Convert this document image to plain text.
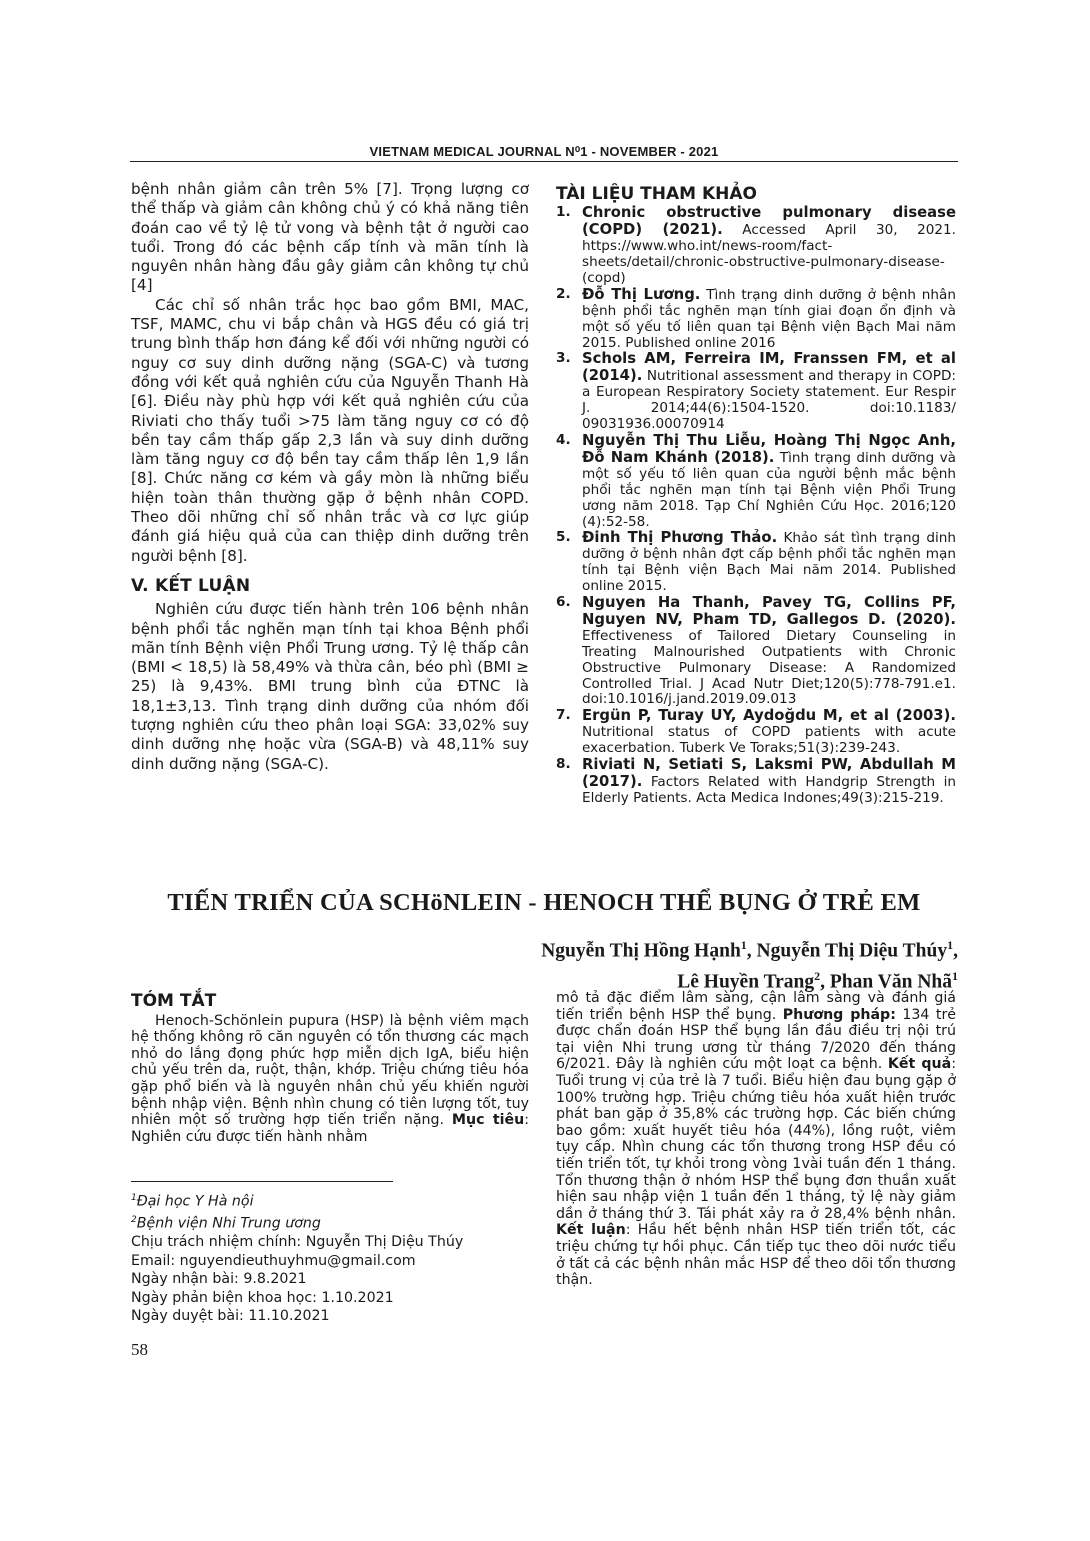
VIETNAM MEDICAL JOURNAL N⁰1 - NOVEMBER - 2021

bệnh nhân giảm cân trên 5% [7]. Trọng lượng cơ thể thấp và giảm cân không chủ ý có khả năng tiên đoán cao về tỷ lệ tử vong và bệnh tật ở người cao tuổi. Trong đó các bệnh cấp tính và mãn tính là nguyên nhân hàng đầu gây giảm cân không tự chủ [4]

Các chỉ số nhân trắc học bao gồm BMI, MAC, TSF, MAMC, chu vi bắp chân và HGS đều có giá trị trung bình thấp hơn đáng kể đối với những người có nguy cơ suy dinh dưỡng nặng (SGA-C) và tương đồng với kết quả nghiên cứu của Nguyễn Thanh Hà [6]. Điều này phù hợp với kết quả nghiên cứu của Riviati cho thấy tuổi >75 làm tăng nguy cơ có độ bền tay cầm thấp gấp 2,3 lần và suy dinh dưỡng làm tăng nguy cơ độ bền tay cầm thấp lên 1,9 lần [8]. Chức năng cơ kém và gầy mòn là những biểu hiện toàn thân thường gặp ở bệnh nhân COPD. Theo dõi những chỉ số nhân trắc và cơ lực giúp đánh giá hiệu quả của can thiệp dinh dưỡng trên người bệnh [8].

V. KẾT LUẬN

Nghiên cứu được tiến hành trên 106 bệnh nhân bệnh phổi tắc nghẽn mạn tính tại khoa Bệnh phổi mãn tính Bệnh viện Phổi Trung ương. Tỷ lệ thấp cân (BMI < 18,5) là 58,49% và thừa cân, béo phì (BMI ≥ 25) là 9,43%. BMI trung bình của ĐTNC là 18,1±3,13. Tình trạng dinh dưỡng của nhóm đối tượng nghiên cứu theo phân loại SGA: 33,02% suy dinh dưỡng nhẹ hoặc vừa (SGA-B) và 48,11% suy dinh dưỡng nặng (SGA-C).

TÀI LIỆU THAM KHẢO
1. Chronic obstructive pulmonary disease (COPD) (2021). Accessed April 30, 2021. https://www.who.int/news-room/fact-sheets/detail/chronic-obstructive-pulmonary-disease-(copd)
2. Đỗ Thị Lương. Tình trạng dinh dưỡng ở bệnh nhân bệnh phổi tắc nghẽn mạn tính giai đoạn ổn định và một số yếu tố liên quan tại Bệnh viện Bạch Mai năm 2015. Published online 2016
3. Schols AM, Ferreira IM, Franssen FM, et al (2014). Nutritional assessment and therapy in COPD: a European Respiratory Society statement. Eur Respir J. 2014;44(6):1504-1520. doi:10.1183/ 09031936.00070914
4. Nguyễn Thị Thu Liễu, Hoàng Thị Ngọc Anh, Đỗ Nam Khánh (2018). Tình trạng dinh dưỡng và một số yếu tố liên quan của người bệnh mắc bệnh phổi tắc nghẽn mạn tính tại Bệnh viện Phổi Trung ương năm 2018. Tạp Chí Nghiên Cứu Học. 2016;120 (4):52-58.
5. Đinh Thị Phương Thảo. Khảo sát tình trạng dinh dưỡng ở bệnh nhân đợt cấp bệnh phổi tắc nghẽn mạn tính tại Bệnh viện Bạch Mai năm 2014. Published online 2015.
6. Nguyen Ha Thanh, Pavey TG, Collins PF, Nguyen NV, Pham TD, Gallegos D. (2020). Effectiveness of Tailored Dietary Counseling in Treating Malnourished Outpatients with Chronic Obstructive Pulmonary Disease: A Randomized Controlled Trial. J Acad Nutr Diet;120(5):778-791.e1. doi:10.1016/j.jand.2019.09.013
7. Ergün P, Turay UY, Aydoğdu M, et al (2003). Nutritional status of COPD patients with acute exacerbation. Tuberk Ve Toraks;51(3):239-243.
8. Riviati N, Setiati S, Laksmi PW, Abdullah M (2017). Factors Related with Handgrip Strength in Elderly Patients. Acta Medica Indones;49(3):215-219.
TIẾN TRIỂN CỦA SCHöNLEIN - HENOCH THỂ BỤNG Ở TRẺ EM
Nguyễn Thị Hồng Hạnh$^1$, Nguyễn Thị Diệu Thúy$^1$,
Lê Huyền Trang$^2$, Phan Văn Nhã$^1$
TÓM TẮT

Henoch-Schönlein pupura (HSP) là bệnh viêm mạch hệ thống không rõ căn nguyên có tổn thương các mạch nhỏ do lắng đọng phức hợp miễn dịch IgA, biểu hiện chủ yếu trên da, ruột, thận, khớp. Triệu chứng tiêu hóa gặp phổ biến và là nguyên nhân chủ yếu khiến người bệnh nhập viện. Bệnh nhìn chung có tiên lượng tốt, tuy nhiên một số trường hợp tiến triển nặng. Mục tiêu: Nghiên cứu được tiến hành nhằm

mô tả đặc điểm lâm sàng, cận lâm sàng và đánh giá tiến triển bệnh HSP thể bụng. Phương pháp: 134 trẻ được chẩn đoán HSP thể bụng lần đầu điều trị nội trú tại viện Nhi trung ương từ tháng 7/2020 đến tháng 6/2021. Đây là nghiên cứu một loạt ca bệnh. Kết quả: Tuổi trung vị của trẻ là 7 tuổi. Biểu hiện đau bụng gặp ở 100% trường hợp. Triệu chứng tiêu hóa xuất hiện trước phát ban gặp ở 35,8% các trường hợp. Các biến chứng bao gồm: xuất huyết tiêu hóa (44%), lồng ruột, viêm tụy cấp. Nhìn chung các tổn thương trong HSP đều có tiến triển tốt, tự khỏi trong vòng 1vài tuần đến 1 tháng. Tổn thương thận ở nhóm HSP thể bụng đơn thuần xuất hiện sau nhập viện 1 tuần đến 1 tháng, tỷ lệ này giảm dần ở tháng thứ 3. Tái phát xảy ra ở 28,4% bệnh nhân. Kết luận: Hầu hết bệnh nhân HSP tiến triển tốt, các triệu chứng tự hồi phục. Cần tiếp tục theo dõi nước tiểu ở tất cả các bệnh nhân mắc HSP để theo dõi tổn thương thận.

$^1$Đại học Y Hà nội
$^2$Bệnh viện Nhi Trung ương
Chịu trách nhiệm chính: Nguyễn Thị Diệu Thúy
Email: nguyendieuthuyhmu@gmail.com
Ngày nhận bài: 9.8.2021
Ngày phản biện khoa học: 1.10.2021
Ngày duyệt bài: 11.10.2021
58
